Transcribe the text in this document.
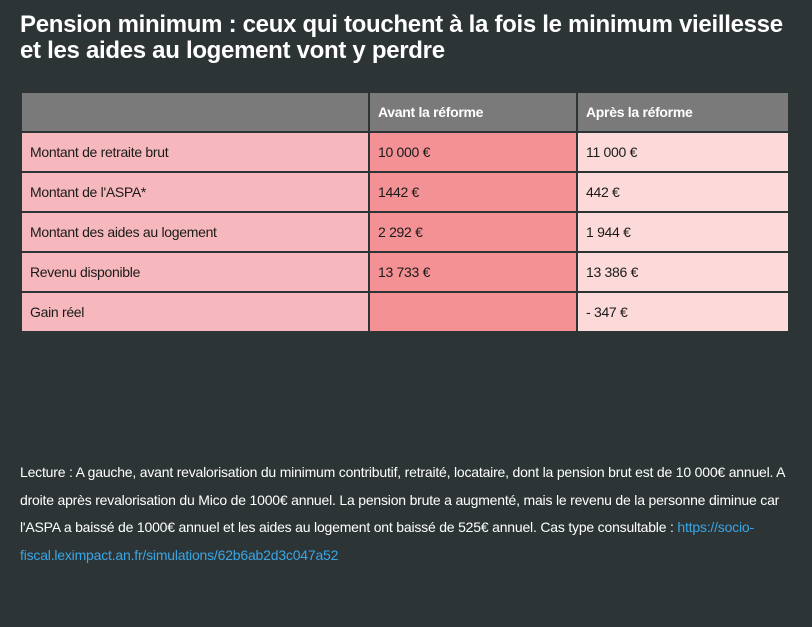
Pension minimum : ceux qui touchent à la fois le minimum vieillesse et les aides au logement vont y perdre
	Avant la réforme	Après la réforme
Montant de retraite brut	10 000 €	11 000 €
Montant de l'ASPA*	1442 €	442 €
Montant des aides au logement	2 292 €	1 944 €
Revenu disponible	13 733 €	13 386 €
Gain réel		- 347 €
Lecture : A gauche, avant revalorisation du minimum contributif, retraité, locataire, dont la pension brut est de 10 000€ annuel. A droite après revalorisation du Mico de 1000€ annuel. La pension brute a augmenté, mais le revenu de la personne diminue car l'ASPA a baissé de 1000€ annuel et les aides au logement ont baissé de 525€ annuel. Cas type consultable : https://socio-fiscal.leximpact.an.fr/simulations/62b6ab2d3c047a52
